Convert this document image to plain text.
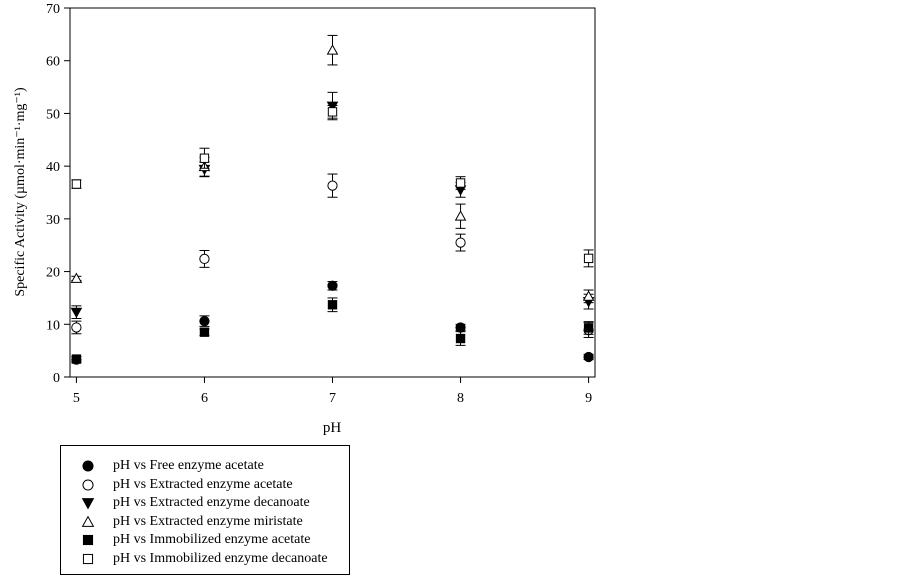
0
10
20
30
40
50
60
70
5	6	7	8	9
pH
Specific Activity (µmol·min⁻¹·mg⁻¹)
pH vs Free enzyme acetate
pH vs Extracted enzyme acetate
pH vs Extracted enzyme decanoate
pH vs Extracted enzyme miristate
pH vs Immobilized enzyme acetate
pH vs Immobilized enzyme decanoate
